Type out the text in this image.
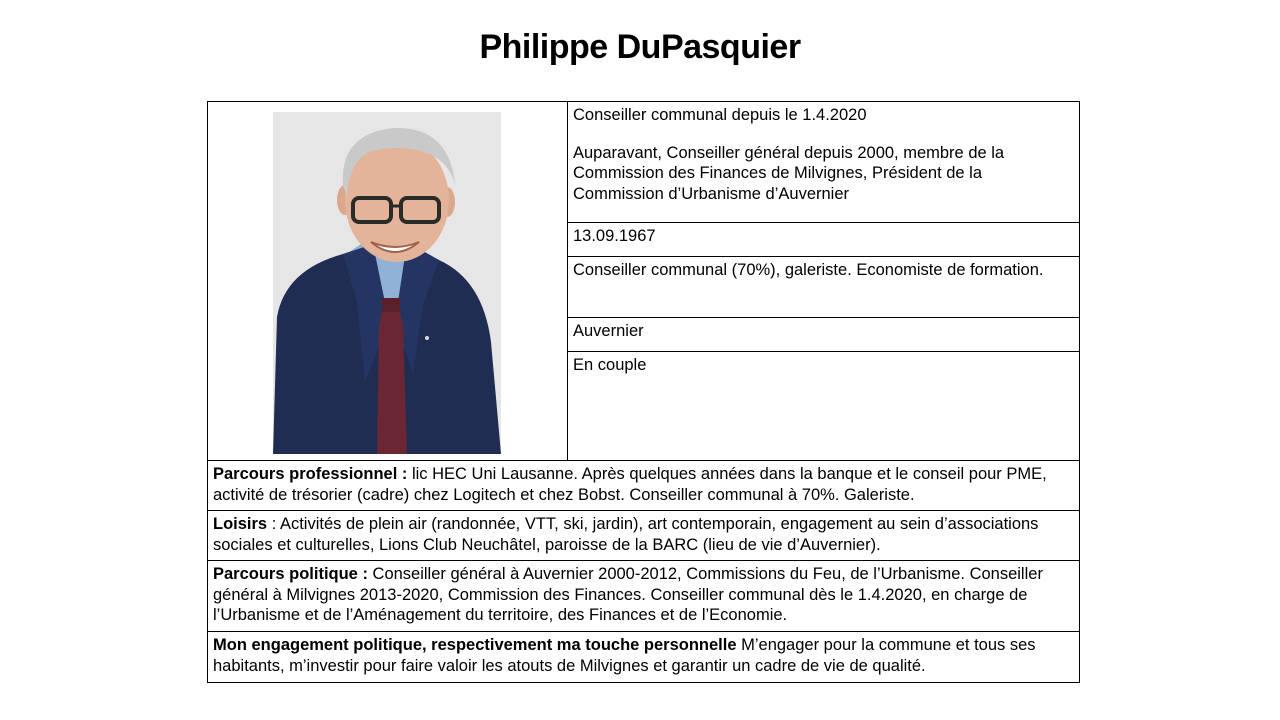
Philippe DuPasquier

Conseiller communal depuis le 1.4.2020
Auparavant, Conseiller général depuis 2000, membre de la Commission des Finances de Milvignes, Président de la Commission d’Urbanisme d’Auvernier

13.09.1967
Conseiller communal (70%), galeriste. Economiste de formation.
Auvernier
En couple
Parcours professionnel : lic HEC Uni Lausanne. Après quelques années dans la banque et le conseil pour PME, activité de trésorier (cadre) chez Logitech et chez Bobst. Conseiller communal à 70%. Galeriste.
Loisirs : Activités de plein air (randonnée, VTT, ski, jardin), art contemporain, engagement au sein d’associations sociales et culturelles, Lions Club Neuchâtel, paroisse de la BARC (lieu de vie d’Auvernier).
Parcours politique : Conseiller général à Auvernier 2000-2012, Commissions du Feu, de l’Urbanisme. Conseiller général à Milvignes 2013-2020, Commission des Finances. Conseiller communal dès le 1.4.2020, en charge de l’Urbanisme et de l’Aménagement du territoire, des Finances et de l’Economie.
Mon engagement politique, respectivement ma touche personnelle M’engager pour la commune et tous ses habitants, m’investir pour faire valoir les atouts de Milvignes et garantir un cadre de vie de qualité.
